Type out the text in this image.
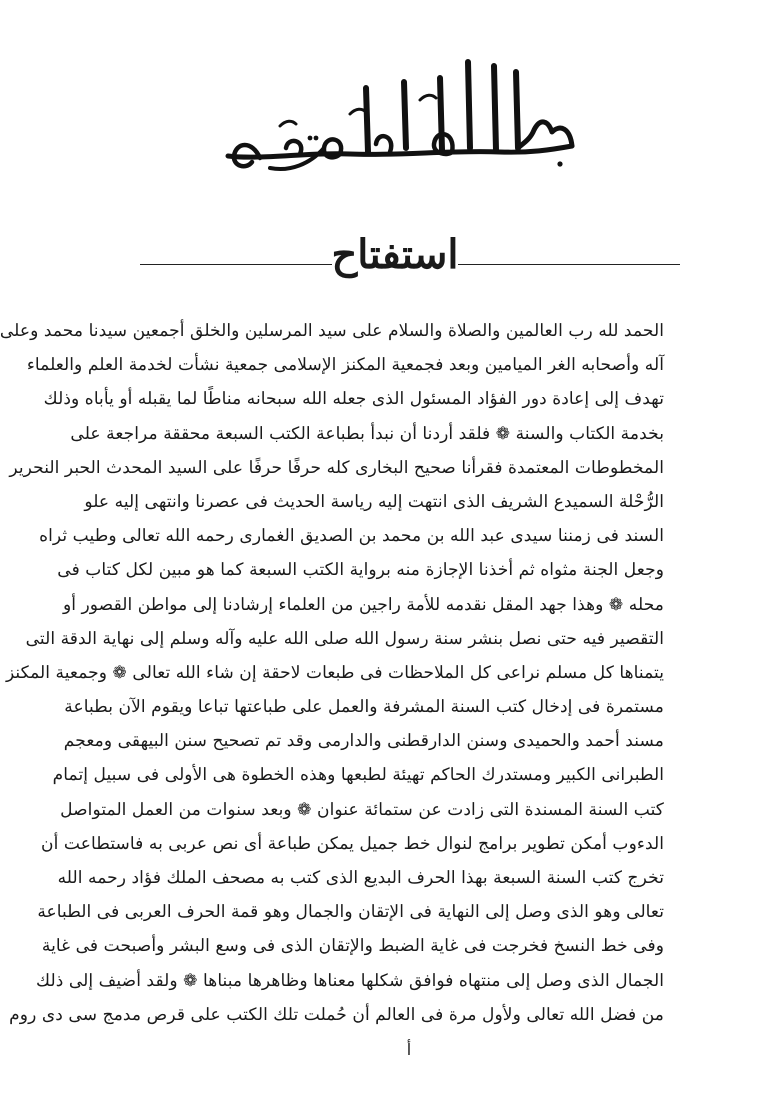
استفتاح
الحمد لله رب العالمين والصلاة والسلام على سيد المرسلين والخلق أجمعين سيدنا محمد وعلى
آله وأصحابه الغر الميامين وبعد فجمعية المكنز الإسلامى جمعية نشأت لخدمة العلم والعلماء
تهدف إلى إعادة دور الفؤاد المسئول الذى جعله الله سبحانه مناطًا لما يقبله أو يأباه وذلك
بخدمة الكتاب والسنة ❁ فلقد أردنا أن نبدأ بطباعة الكتب السبعة محققة مراجعة على
المخطوطات المعتمدة فقرأنا صحيح البخارى كله حرفًا حرفًا على السيد المحدث الحبر النحرير
الرُّحْلة السميدع الشريف الذى انتهت إليه رياسة الحديث فى عصرنا وانتهى إليه علو
السند فى زمننا سيدى عبد الله بن محمد بن الصديق الغمارى رحمه الله تعالى وطيب ثراه
وجعل الجنة مثواه ثم أخذنا الإجازة منه برواية الكتب السبعة كما هو مبين لكل كتاب فى
محله ❁ وهذا جهد المقل نقدمه للأمة راجين من العلماء إرشادنا إلى مواطن القصور أو
التقصير فيه حتى نصل بنشر سنة رسول الله صلى الله عليه وآله وسلم إلى نهاية الدقة التى
يتمناها كل مسلم نراعى كل الملاحظات فى طبعات لاحقة إن شاء الله تعالى ❁ وجمعية المكنز
مستمرة فى إدخال كتب السنة المشرفة والعمل على طباعتها تباعا ويقوم الآن بطباعة
مسند أحمد والحميدى وسنن الدارقطنى والدارمى وقد تم تصحيح سنن البيهقى ومعجم
الطبرانى الكبير ومستدرك الحاكم تهيئة لطبعها وهذه الخطوة هى الأولى فى سبيل إتمام
كتب السنة المسندة التى زادت عن ستمائة عنوان ❁ وبعد سنوات من العمل المتواصل
الدءوب أمكن تطوير برامج لنوال خط جميل يمكن طباعة أى نص عربى به فاستطاعت أن
تخرج كتب السنة السبعة بهذا الحرف البديع الذى كتب به مصحف الملك فؤاد رحمه الله
تعالى وهو الذى وصل إلى النهاية فى الإتقان والجمال وهو قمة الحرف العربى فى الطباعة
وفى خط النسخ فخرجت فى غاية الضبط والإتقان الذى فى وسع البشر وأصبحت فى غاية
الجمال الذى وصل إلى منتهاه فوافق شكلها معناها وظاهرها مبناها ❁ ولقد أضيف إلى ذلك
من فضل الله تعالى ولأول مرة فى العالم أن حُملت تلك الكتب على قرص مدمج سى دى روم
أ
